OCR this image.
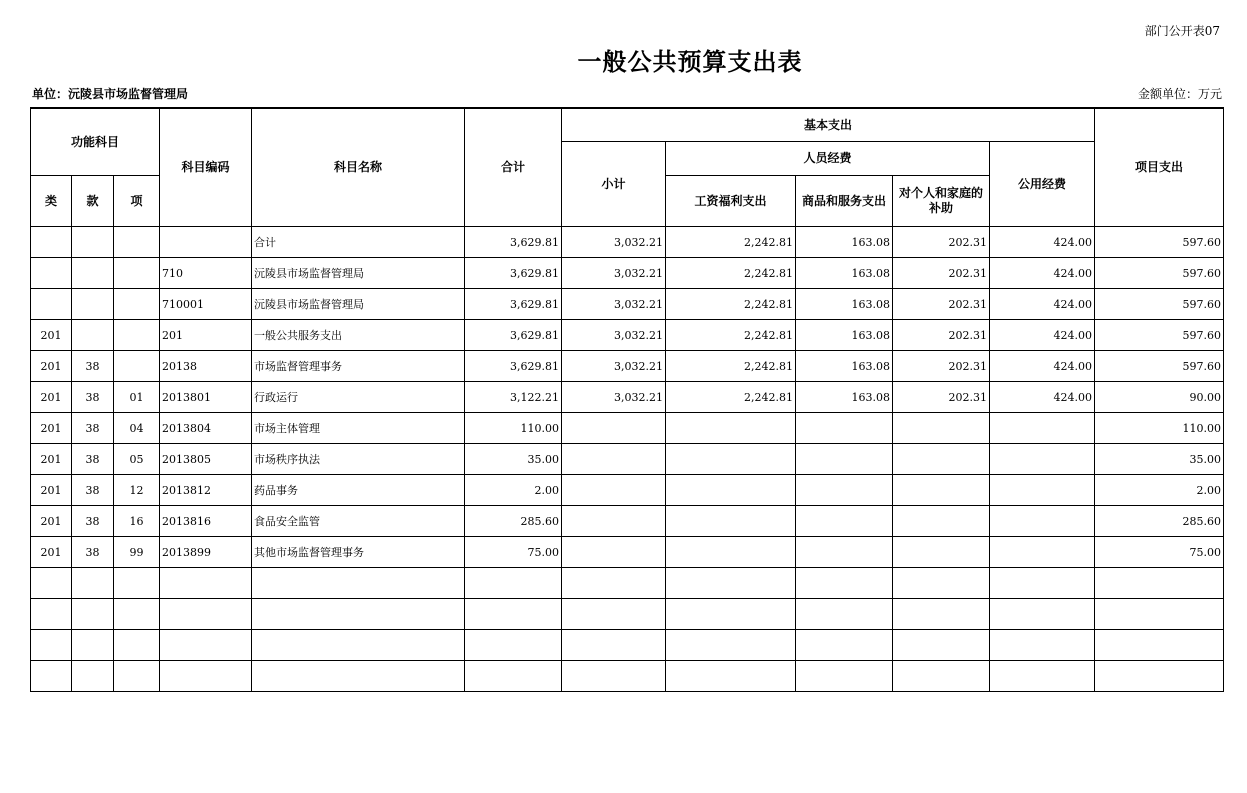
部门公开表07
一般公共预算支出表
单位：沅陵县市场监督管理局	金额单位：万元
功能科目			科目编码	科目名称	合计	基本支出					项目支出
						小计	人员经费			公用经费	
类	款	项					工资福利支出	商品和服务支出	对个人和家庭的补助		
				合计	3,629.81	3,032.21	2,242.81	163.08	202.31	424.00	597.60
			710	沅陵县市场监督管理局	3,629.81	3,032.21	2,242.81	163.08	202.31	424.00	597.60
			710001	沅陵县市场监督管理局	3,629.81	3,032.21	2,242.81	163.08	202.31	424.00	597.60
201			201	一般公共服务支出	3,629.81	3,032.21	2,242.81	163.08	202.31	424.00	597.60
201	38		20138	市场监督管理事务	3,629.81	3,032.21	2,242.81	163.08	202.31	424.00	597.60
201	38	01	2013801	行政运行	3,122.21	3,032.21	2,242.81	163.08	202.31	424.00	90.00
201	38	04	2013804	市场主体管理	110.00						110.00
201	38	05	2013805	市场秩序执法	35.00						35.00
201	38	12	2013812	药品事务	2.00						2.00
201	38	16	2013816	食品安全监管	285.60						285.60
201	38	99	2013899	其他市场监督管理事务	75.00						75.00
